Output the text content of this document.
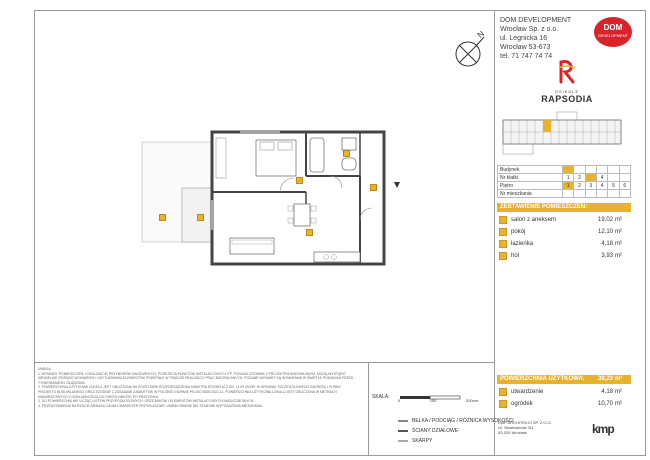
DOM DEVELOPMENT
Wrocław Sp. z o.o.
ul. Legnicka 16
Wrocław 53-673
tel. 71 747 74 74
DOM
DEVELOPMENT
OSIEDLE
RAPSODIA
N
Budynek						
Nr klatki	1	2		4		
Piętro	1	2	3	4	5	6
Nr mieszkania						
ZESTAWIENIE POMIESZCZEŃ:
salon z aneksem	19,02 m²
pokój	12,10 m²
łazienka	4,18 m²
hol	3,93 m²
POWIERZCHNIA UŻYTKOWA:	39,23 m²
utwardzenie	4,18 m²
ogródek	10,70 m²
KMP ARCHITEKCI SP. Z O.O.
Ul. Skarbowców 3/4
53-025 Wrocław	kmp
UWAGA:
1. WYMIARY POMIESZCZEŃ, LOKALIZACJĘ PRZYBORÓW SANITARNYCH, PODEJŚCIA PUNKTÓW INSTALACYJNYCH ITP. PODANO ZGODNIE Z PROJEKTEM BUDOWLANYM. MOGĄ WYSTĄPIĆ NIEWIELKIE RÓŻNICE WYMIARÓW I USYTUOWANIA ELEMENTÓW POWSTAŁE W TRAKCIE REALIZACJI PRAC BUDOWLANYCH. PODANE WYMIARY SĄ WYMIARAMI W ŚWIETLE PODANYMI PRZED TYNKOWANIEM I GŁADZIAMI.
2. POWIERZCHNIA UŻYTKOWA LOKALU JEST OBLICZONA NA PODSTAWIE ROZPORZĄDZENIA MINISTRA ROZWOJU Z DN. 11.09.2020R. W SPRAWIE SZCZEGÓŁOWEGO ZAKRESU I FORMY PROJEKTU BUDOWLANEGO ORAZ ZGODNIE Z ZASADAMI ZAWARTYMI W POLSKIEJ NORMIE PN-ISO 9836:2022-11. POWIERZCHNIA UŻYTKOWA LOKALU JEST OBLICZONA W METRACH KWADRATOWYCH Z DOKŁADNOŚCIĄ DO DWÓCH MIEJSC PO PRZECINKU.
3. DO POWIERZCHNI NIE LICZĄC LISTEW PRZYPODŁOGOWYCH, GRZEJNIKÓW I ELEMENTÓW INSTALACYJNYCH NADLICZBOWYCH.
4. PRZEDSTAWIONA NA RZUCIE ARANŻACJA MA CHARAKTER PRZYKŁADOWY. UMEBLOWANIE NIE STANOWI WYPOSAŻENIA MIESZKANIA.
SKALA:
0	100	200cm
BELKA / PODCIĄG / RÓŻNICA WYSOKOŚCI
ŚCIANY DZIAŁOWE
SKARPY
